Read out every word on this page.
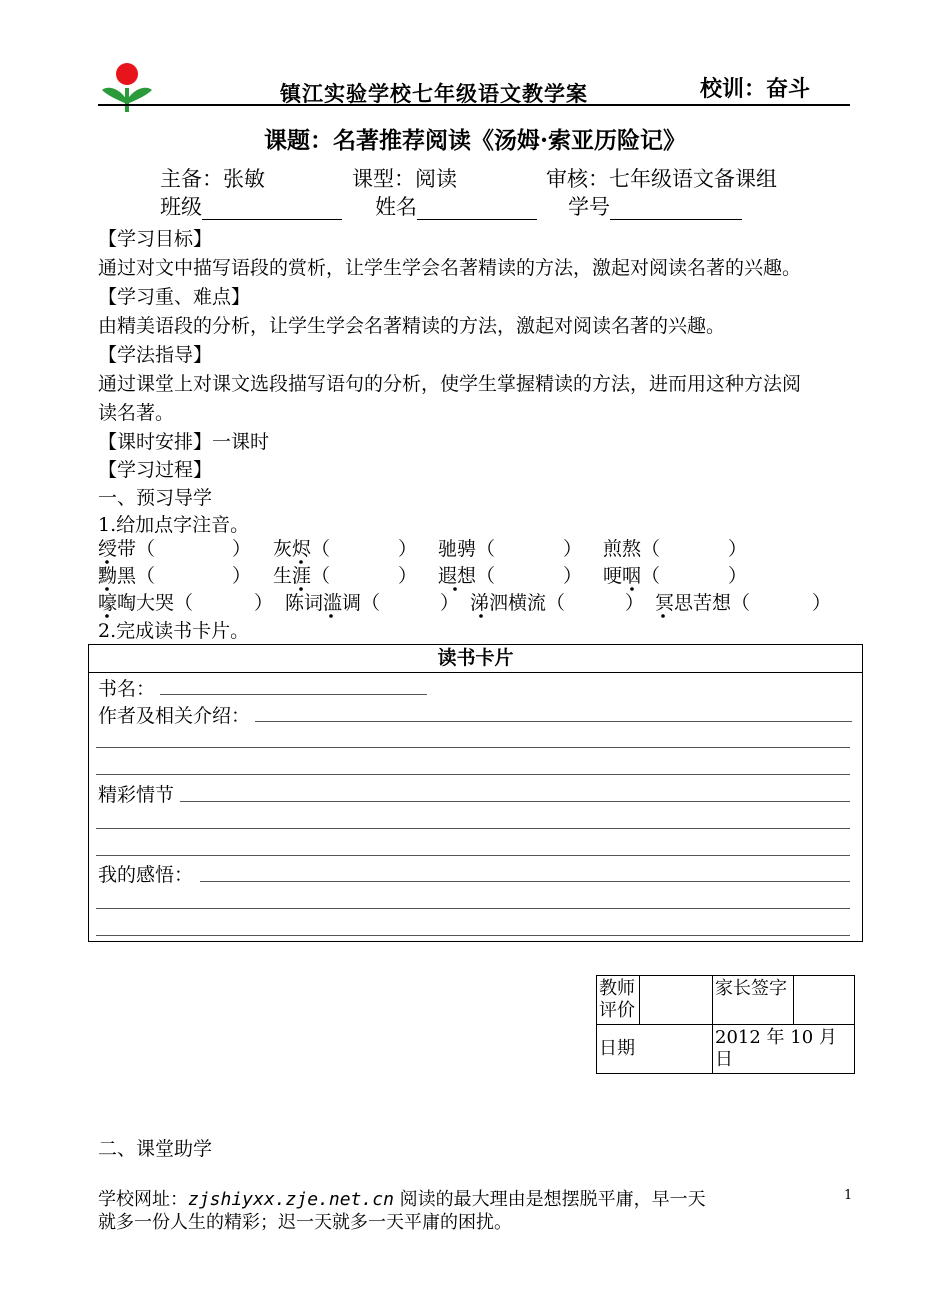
镇江实验学校七年级语文教学案	校训：奋斗
课题：名著推荐阅读《汤姆·索亚历险记》
主备：张敏	课型：阅读	审核：七年级语文备课组
班级	姓名	学号
【学习目标】
通过对文中描写语段的赏析，让学生学会名著精读的方法，激起对阅读名著的兴趣。
【学习重、难点】
由精美语段的分析，让学生学会名著精读的方法，激起对阅读名著的兴趣。
【学法指导】
通过课堂上对课文选段描写语句的分析，使学生掌握精读的方法，进而用这种方法阅
读名著。
【课时安排】一课时
【学习过程】
一、预习导学
1.给加点字注音。
绶带（	） 灰烬（	） 驰骋（	） 煎熬（	）
黝黑（	） 生涯（	） 遐想（	） 哽咽（	）
嚎啕大哭（	） 陈词滥调（	） 涕泗横流（	） 冥思苦想（	）
2.完成读书卡片。
读书卡片
书名：
作者及相关介绍：
精彩情节
我的感悟：
教师评价		家长签字	
日期		2012 年 10 月日	
二、课堂助学
学校网址：zjshiyxx.zje.net.cn 阅读的最大理由是想摆脱平庸，早一天
就多一份人生的精彩；迟一天就多一天平庸的困扰。
1
